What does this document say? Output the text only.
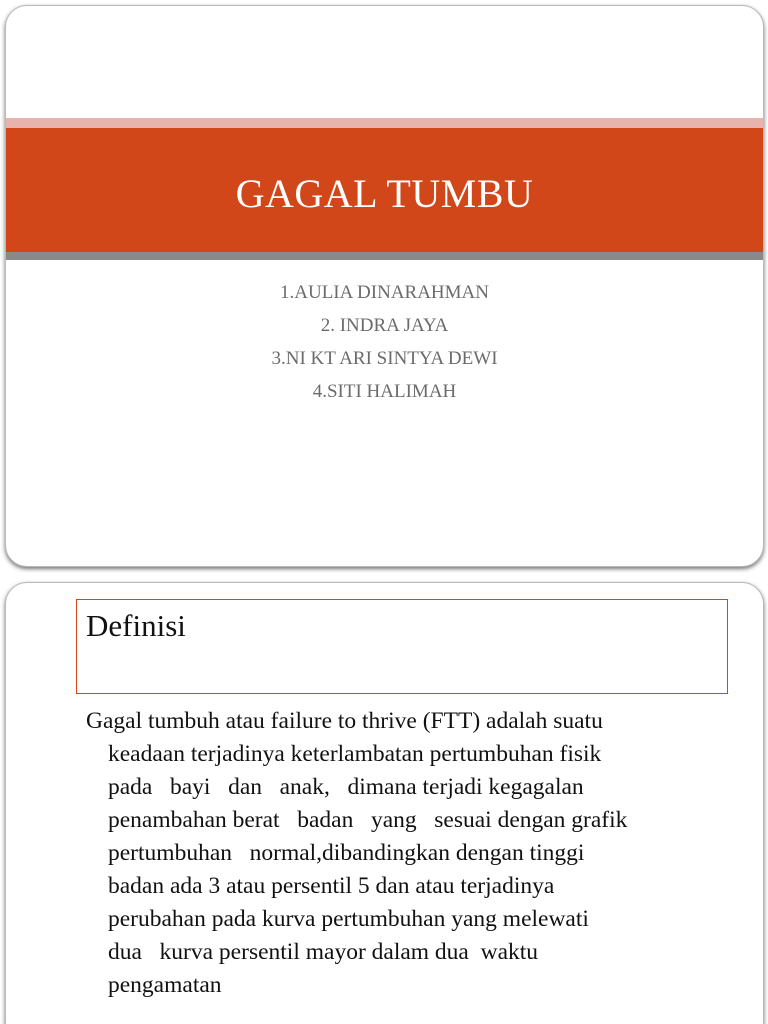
GAGAL TUMBU
1.AULIA DINARAHMAN
2. INDRA JAYA
3.NI KT ARI SINTYA DEWI
4.SITI HALIMAH
Definisi
Gagal tumbuh atau failure to thrive (FTT) adalah suatu
keadaan terjadinya keterlambatan pertumbuhan fisik
pada   bayi   dan   anak,   dimana terjadi kegagalan
penambahan berat   badan   yang   sesuai dengan grafik
pertumbuhan   normal,dibandingkan dengan tinggi
badan ada 3 atau persentil 5 dan atau terjadinya
perubahan pada kurva pertumbuhan yang melewati
dua   kurva persentil mayor dalam dua  waktu
pengamatan
